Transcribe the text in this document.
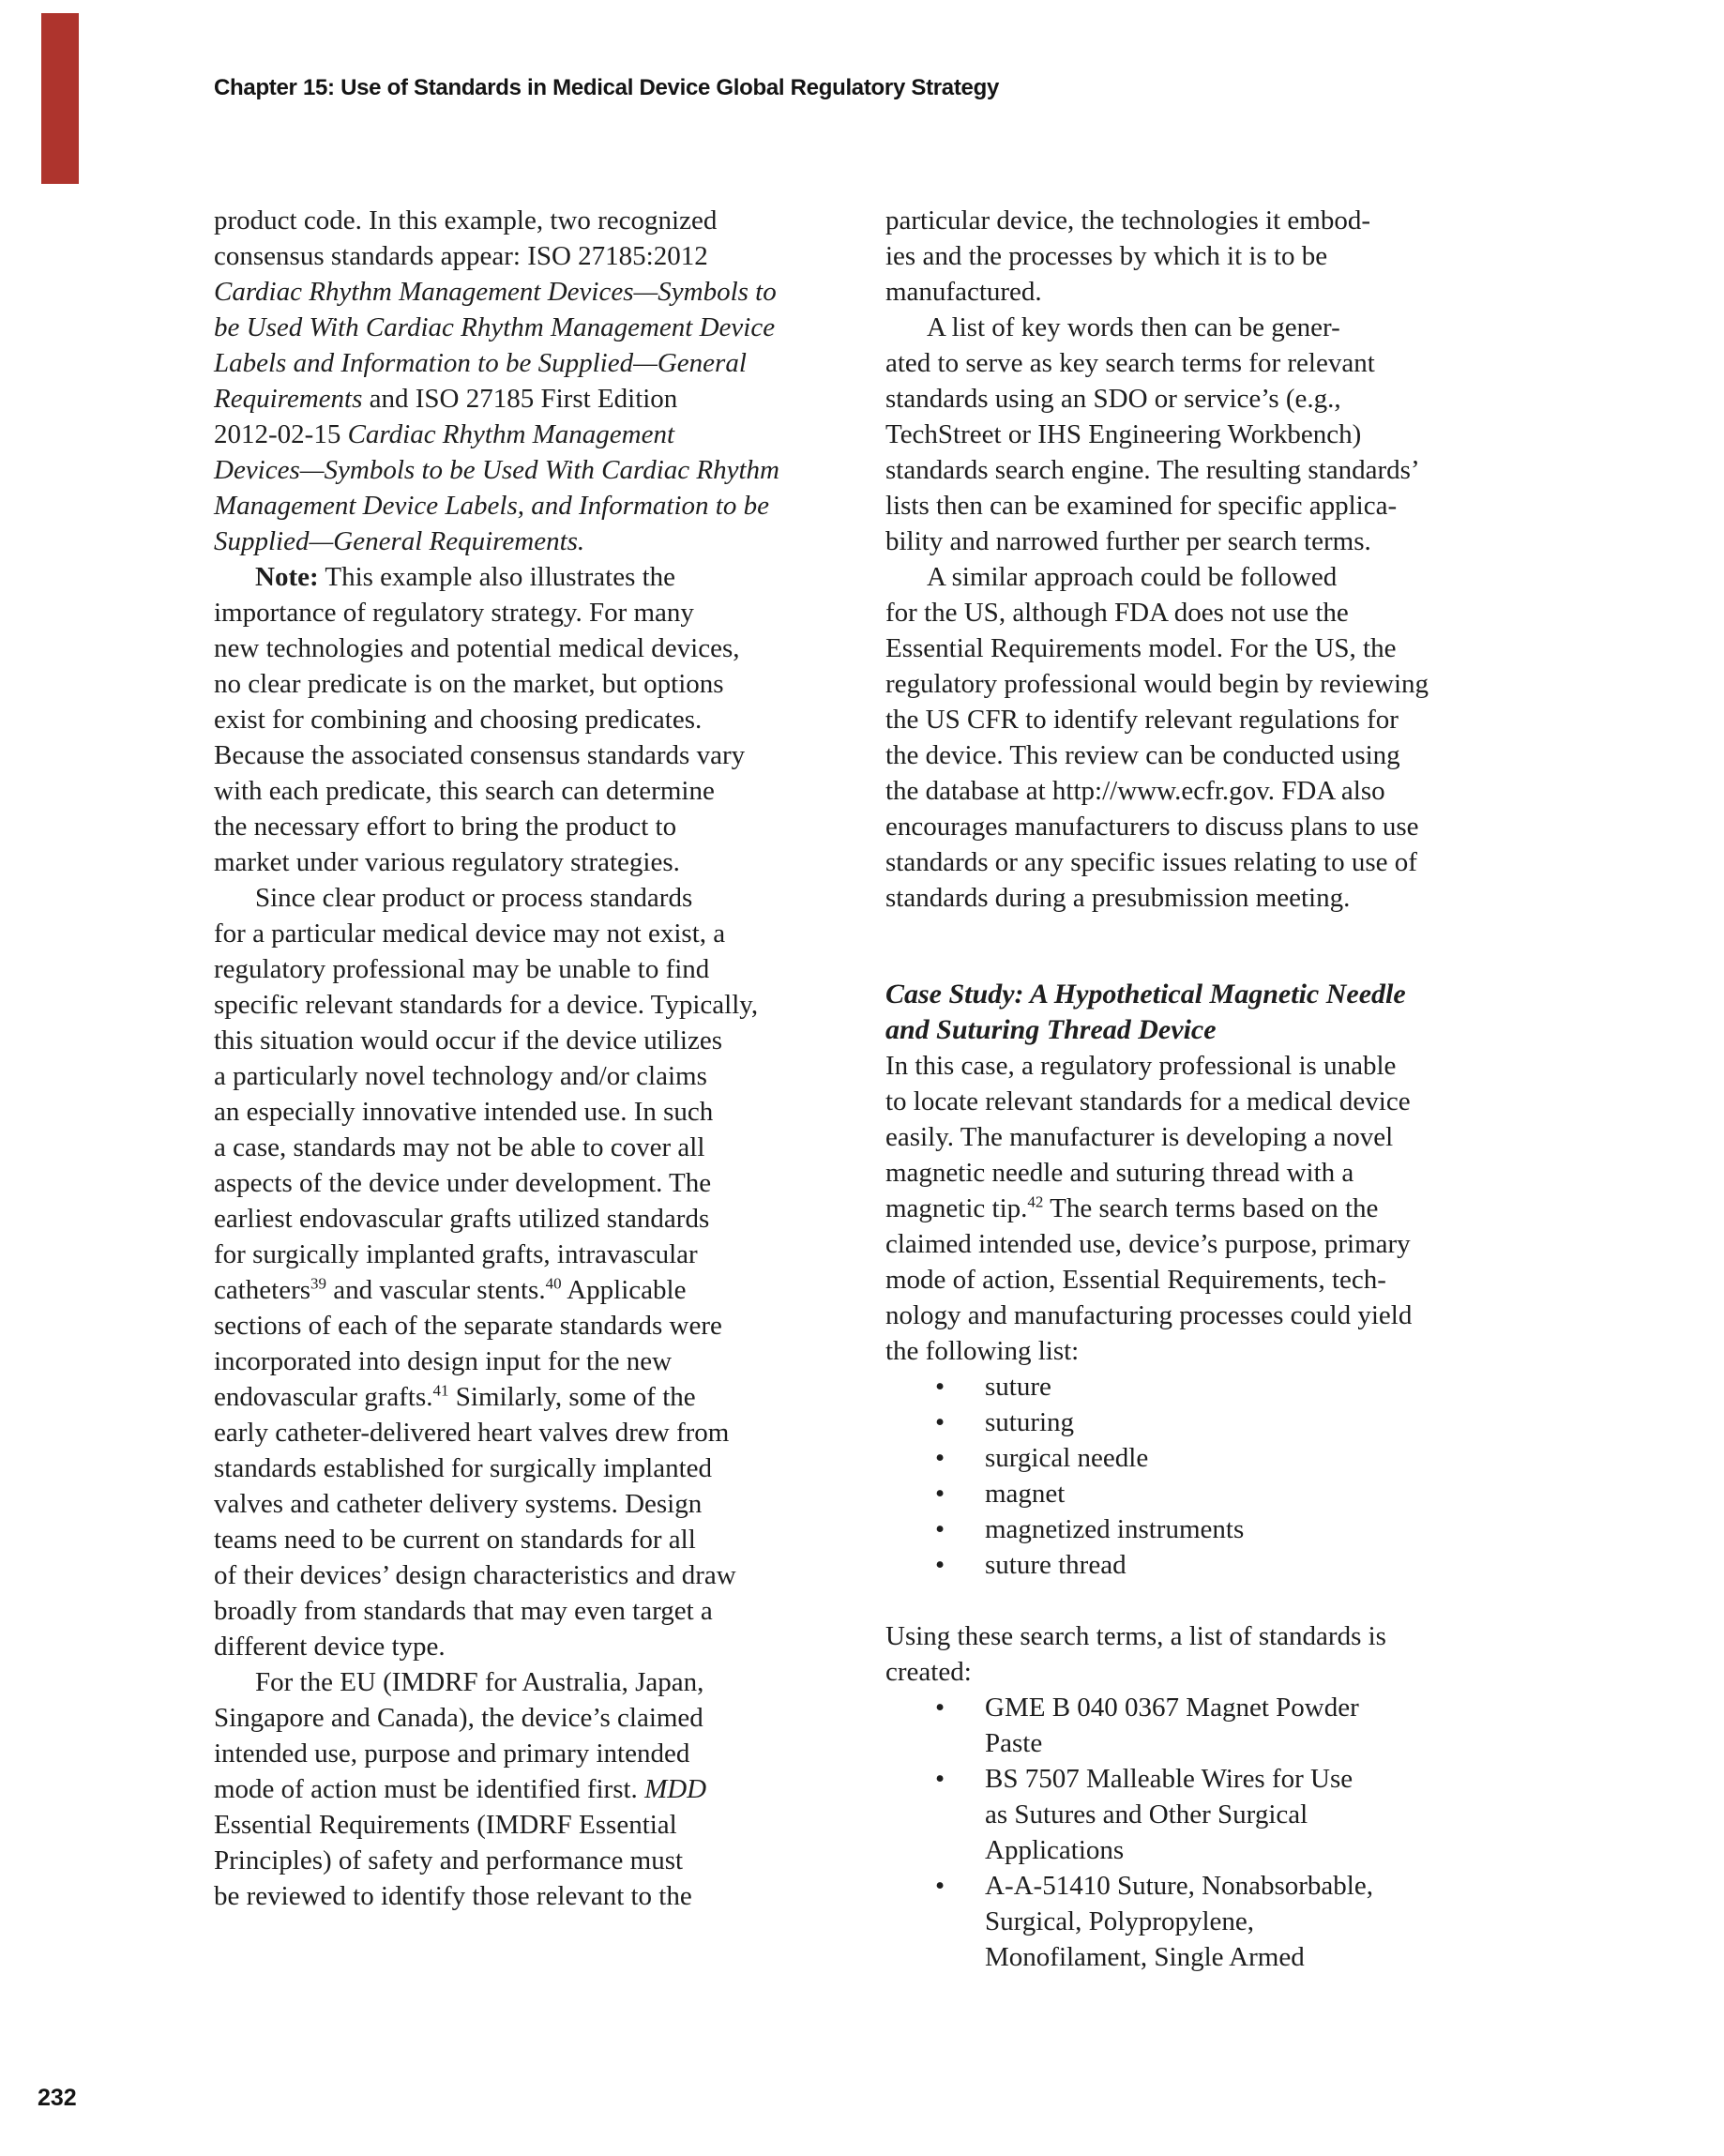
Chapter 15: Use of Standards in Medical Device Global Regulatory Strategy
product code. In this example, two recognized
consensus standards appear: ISO 27185:2012
Cardiac Rhythm Management Devices—Symbols to
be Used With Cardiac Rhythm Management Device
Labels and Information to be Supplied—General
Requirements and ISO 27185 First Edition
2012-02-15 Cardiac Rhythm Management
Devices—Symbols to be Used With Cardiac Rhythm
Management Device Labels, and Information to be
Supplied—General Requirements.
Note: This example also illustrates the
importance of regulatory strategy. For many
new technologies and potential medical devices,
no clear predicate is on the market, but options
exist for combining and choosing predicates.
Because the associated consensus standards vary
with each predicate, this search can determine
the necessary effort to bring the product to
market under various regulatory strategies.
Since clear product or process standards
for a particular medical device may not exist, a
regulatory professional may be unable to find
specific relevant standards for a device. Typically,
this situation would occur if the device utilizes
a particularly novel technology and/or claims
an especially innovative intended use. In such
a case, standards may not be able to cover all
aspects of the device under development. The
earliest endovascular grafts utilized standards
for surgically implanted grafts, intravascular
catheters$^{39}$ and vascular stents.$^{40}$ Applicable
sections of each of the separate standards were
incorporated into design input for the new
endovascular grafts.$^{41}$ Similarly, some of the
early catheter-delivered heart valves drew from
standards established for surgically implanted
valves and catheter delivery systems. Design
teams need to be current on standards for all
of their devices’ design characteristics and draw
broadly from standards that may even target a
different device type.
For the EU (IMDRF for Australia, Japan,
Singapore and Canada), the device’s claimed
intended use, purpose and primary intended
mode of action must be identified first. MDD
Essential Requirements (IMDRF Essential
Principles) of safety and performance must
be reviewed to identify those relevant to the
particular device, the technologies it embod-
ies and the processes by which it is to be
manufactured.
A list of key words then can be gener-
ated to serve as key search terms for relevant
standards using an SDO or service’s (e.g.,
TechStreet or IHS Engineering Workbench)
standards search engine. The resulting standards’
lists then can be examined for specific applica-
bility and narrowed further per search terms.
A similar approach could be followed
for the US, although FDA does not use the
Essential Requirements model. For the US, the
regulatory professional would begin by reviewing
the US CFR to identify relevant regulations for
the device. This review can be conducted using
the database at http://www.ecfr.gov. FDA also
encourages manufacturers to discuss plans to use
standards or any specific issues relating to use of
standards during a presubmission meeting.
Case Study: A Hypothetical Magnetic Needle
and Suturing Thread Device
In this case, a regulatory professional is unable
to locate relevant standards for a medical device
easily. The manufacturer is developing a novel
magnetic needle and suturing thread with a
magnetic tip.$^{42}$ The search terms based on the
claimed intended use, device’s purpose, primary
mode of action, Essential Requirements, tech-
nology and manufacturing processes could yield
the following list:
• suture
• suturing
• surgical needle
• magnet
• magnetized instruments
• suture thread
Using these search terms, a list of standards is
created:
• GME B 040 0367 Magnet Powder
Paste
• BS 7507 Malleable Wires for Use
as Sutures and Other Surgical
Applications
• A-A-51410 Suture, Nonabsorbable,
Surgical, Polypropylene,
Monofilament, Single Armed
232
